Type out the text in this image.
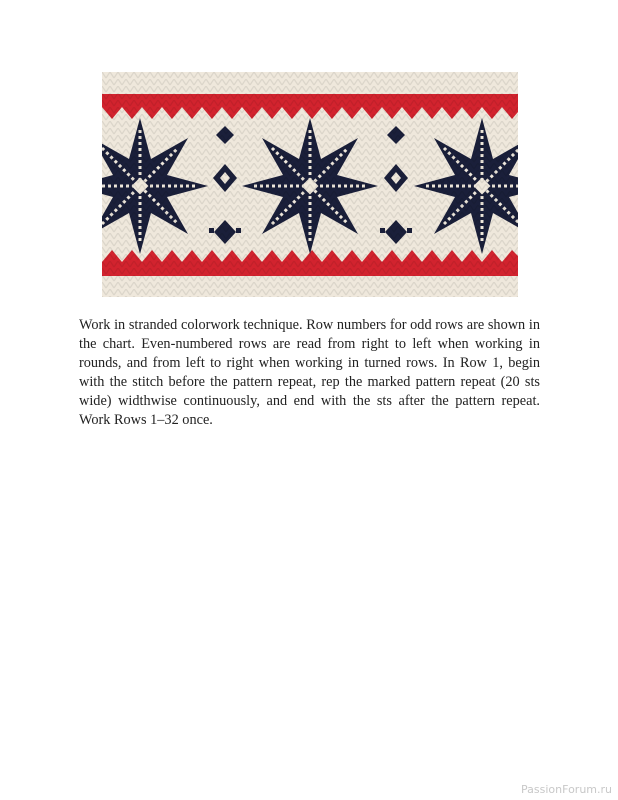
Work in stranded colorwork technique. Row numbers for odd rows are shown in the chart. Even-numbered rows are read from right to left when working in rounds, and from left to right when working in turned rows. In Row 1, begin with the stitch before the pattern repeat, rep the marked pattern repeat (20 sts wide) widthwise continuously, and end with the sts after the pattern repeat. Work Rows 1–32 once.

PassionForum.ru
